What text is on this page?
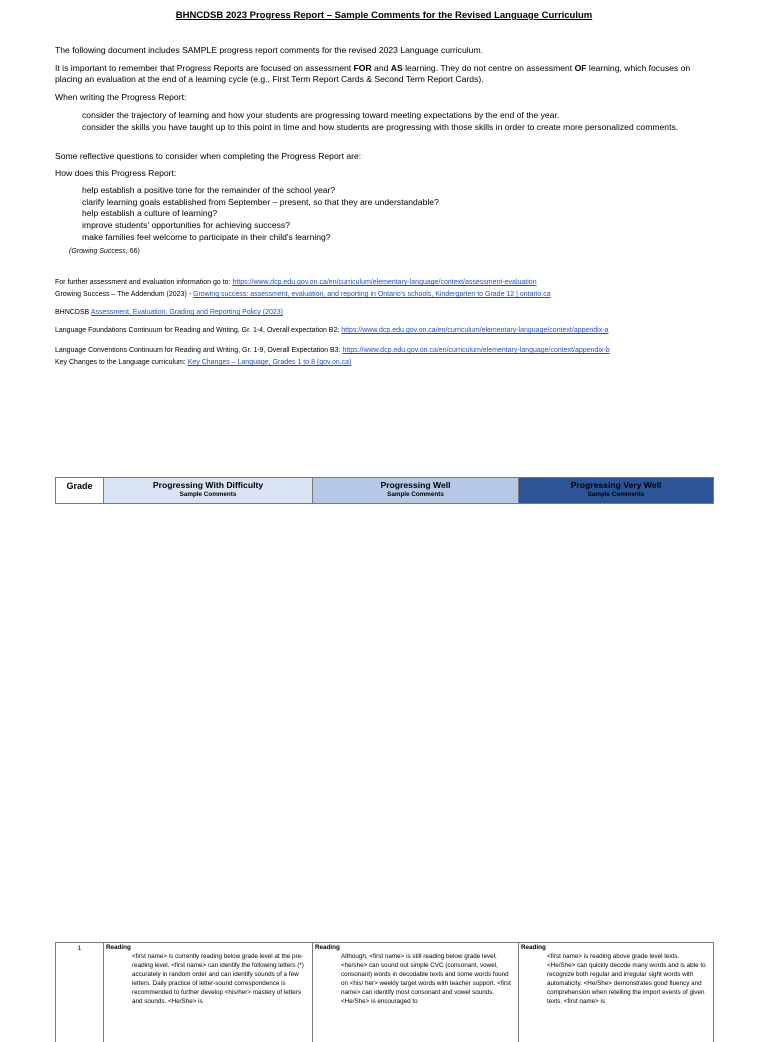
BHNCDSB 2023 Progress Report – Sample Comments for the Revised Language Curriculum
The following document includes SAMPLE progress report comments for the revised 2023 Language curriculum.
It is important to remember that Progress Reports are focused on assessment FOR and AS learning. They do not centre on assessment OF learning, which focuses on placing an evaluation at the end of a learning cycle (e.g., First Term Report Cards & Second Term Report Cards).
When writing the Progress Report:
consider the trajectory of learning and how your students are progressing toward meeting expectations by the end of the year.
consider the skills you have taught up to this point in time and how students are progressing with those skills in order to create more personalized comments.
Some reflective questions to consider when completing the Progress Report are:
How does this Progress Report:
help establish a positive tone for the remainder of the school year?
clarify learning goals established from September – present, so that they are understandable?
help establish a culture of learning?
improve students' opportunities for achieving success?
make families feel welcome to participate in their child's learning?
(Growing Success, 66)
For further assessment and evaluation information go to: https://www.dcp.edu.gov.on.ca/en/curriculum/elementary-language/context/assessment-evaluation
Growing Success – The Addendum (2023) - Growing success: assessment, evaluation, and reporting in Ontario's schools, Kindergarten to Grade 12 | ontario.ca
BHNCDSB Assessment, Evaluation, Grading and Reporting Policy (2023)
Language Foundations Continuum for Reading and Writing, Gr. 1-4, Overall expectation B2: https://www.dcp.edu.gov.on.ca/en/curriculum/elementary-language/context/appendix-a
Language Conventions Continuum for Reading and Writing, Gr. 1-9, Overall Expectation B3: https://www.dcp.edu.gov.on.ca/en/curriculum/elementary-language/context/appendix-b
Key Changes to the Language curriculum: Key Changes – Language, Grades 1 to 8 (gov.on.ca)
Grade	Progressing With Difficulty
Sample Comments
Progressing Well
Sample Comments
Progressing Very Well
Sample Comments
1	Reading
<first name> is currently reading below grade level at the pre-reading level. <first name> can identify the following letters (*) accurately in random order and can identify sounds of a few letters. Daily practice of letter-sound correspondence is recommended to further develop <his/her> mastery of letters and sounds. <He/She> is
Reading
Although, <first name> is still reading below grade level, <he/she> can sound out simple CVC (consonant, vowel, consonant) words in decodable texts and some words found on <his/ her> weekly target words with teacher support. <first name> can identify most consonant and vowel sounds. <He/She> is encouraged to
Reading
<first name> is reading above grade level texts. <He/She> can quickly decode many words and is able to recognize both regular and irregular sight words with automaticity. <He/She> demonstrates good fluency and comprehension when retelling the import events of given texts. <first name> is
